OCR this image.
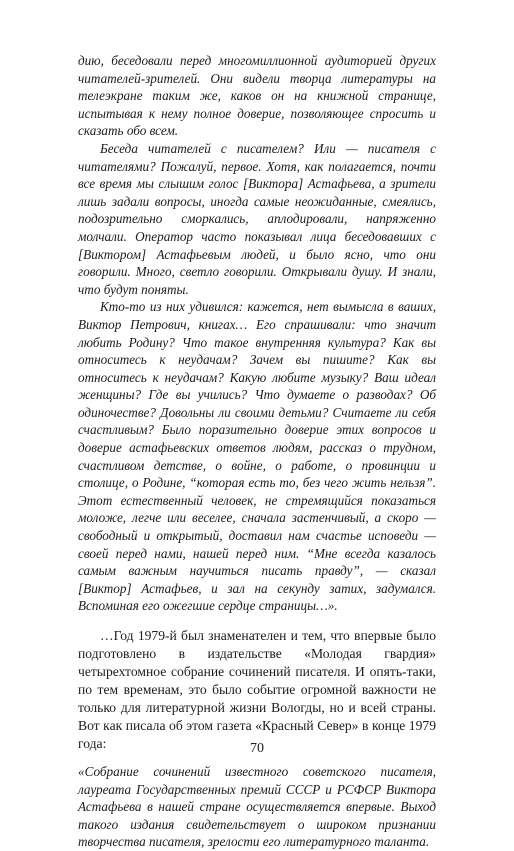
дию, беседовали перед многомиллионной аудиторией других читателей-зрителей. Они видели творца литературы на телеэкране таким же, каков он на книжной странице, испытывая к нему полное доверие, позволяющее спросить и сказать обо всем.

Беседа читателей с писателем? Или — писателя с читателями? Пожалуй, первое. Хотя, как полагается, почти все время мы слышим голос [Виктора] Астафьева, а зрители лишь задали вопросы, иногда самые неожиданные, смеялись, подозрительно сморкались, аплодировали, напряженно молчали. Оператор часто показывал лица беседовавших с [Виктором] Астафьевым людей, и было ясно, что они говорили. Много, светло говорили. Открывали душу. И знали, что будут поняты.

Кто-то из них удивился: кажется, нет вымысла в ваших, Виктор Петрович, книгах… Его спрашивали: что значит любить Родину? Что такое внутренняя культура? Как вы относитесь к неудачам? Зачем вы пишите? Как вы относитесь к неудачам? Какую любите музыку? Ваш идеал женщины? Где вы учились? Что думаете о разводах? Об одиночестве? Довольны ли своими детьми? Считаете ли себя счастливым? Было поразительно доверие этих вопросов и доверие астафьевских ответов людям, рассказ о трудном, счастливом детстве, о войне, о работе, о провинции и столице, о Родине, “которая есть то, без чего жить нельзя”. Этот естественный человек, не стремящийся показаться моложе, легче или веселее, сначала застенчивый, а скоро — свободный и открытый, доставил нам счастье исповеди — своей перед нами, нашей перед ним. “Мне всегда казалось самым важным научиться писать правду”, — сказал [Виктор] Астафьев, и зал на секунду затих, задумался. Вспоминая его ожегшие сердце страницы…».

…Год 1979-й был знаменателен и тем, что впервые было подготовлено в издательстве «Молодая гвардия» четырехтомное собрание сочинений писателя. И опять-таки, по тем временам, это было событие огромной важности не только для литературной жизни Вологды, но и всей страны. Вот как писала об этом газета «Красный Север» в конце 1979 года:

«Собрание сочинений известного советского писателя, лауреата Государственных премий СССР и РСФСР Виктора Астафьева в нашей стране осуществляется впервые. Выход такого издания свидетельствует о широком признании творчества писателя, зрелости его литературного таланта.

70
